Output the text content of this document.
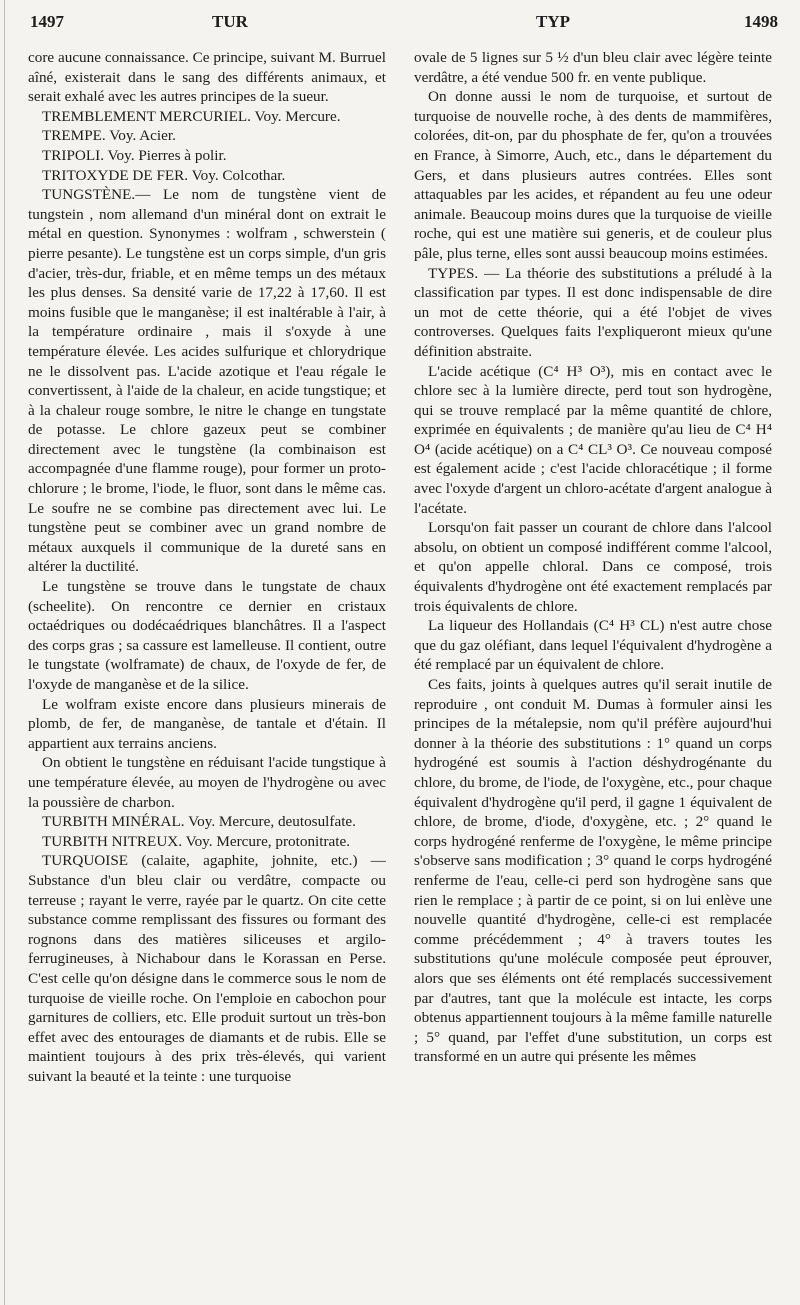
1497	TUR	TYP	1498

core aucune connaissance. Ce principe, suivant M. Burruel aîné, existerait dans le sang des différents animaux, et serait exhalé avec les autres principes de la sueur.

TREMBLEMENT MERCURIEL. Voy. Mercure.

TREMPE. Voy. Acier.

TRIPOLI. Voy. Pierres à polir.

TRITOXYDE DE FER. Voy. Colcothar.

TUNGSTÈNE.— Le nom de tungstène vient de tungstein , nom allemand d'un minéral dont on extrait le métal en question. Synonymes : wolfram , schwerstein ( pierre pesante). Le tungstène est un corps simple, d'un gris d'acier, très-dur, friable, et en même temps un des métaux les plus denses. Sa densité varie de 17,22 à 17,60. Il est moins fusible que le manganèse; il est inaltérable à l'air, à la température ordinaire , mais il s'oxyde à une température élevée. Les acides sulfurique et chlorydrique ne le dissolvent pas. L'acide azotique et l'eau régale le convertissent, à l'aide de la chaleur, en acide tungstique; et à la chaleur rouge sombre, le nitre le change en tungstate de potasse. Le chlore gazeux peut se combiner directement avec le tungstène (la combinaison est accompagnée d'une flamme rouge), pour former un proto-chlorure ; le brome, l'iode, le fluor, sont dans le même cas. Le soufre ne se combine pas directement avec lui. Le tungstène peut se combiner avec un grand nombre de métaux auxquels il communique de la dureté sans en altérer la ductilité.

Le tungstène se trouve dans le tungstate de chaux (scheelite). On rencontre ce dernier en cristaux octaédriques ou dodécaédriques blanchâtres. Il a l'aspect des corps gras ; sa cassure est lamelleuse. Il contient, outre le tungstate (wolframate) de chaux, de l'oxyde de fer, de l'oxyde de manganèse et de la silice.

Le wolfram existe encore dans plusieurs minerais de plomb, de fer, de manganèse, de tantale et d'étain. Il appartient aux terrains anciens.

On obtient le tungstène en réduisant l'acide tungstique à une température élevée, au moyen de l'hydrogène ou avec la poussière de charbon.

TURBITH MINÉRAL. Voy. Mercure, deutosulfate.

TURBITH NITREUX. Voy. Mercure, protonitrate.

TURQUOISE (calaite, agaphite, johnite, etc.) — Substance d'un bleu clair ou verdâtre, compacte ou terreuse ; rayant le verre, rayée par le quartz. On cite cette substance comme remplissant des fissures ou formant des rognons dans des matières siliceuses et argilo-ferrugineuses, à Nichabour dans le Korassan en Perse. C'est celle qu'on désigne dans le commerce sous le nom de turquoise de vieille roche. On l'emploie en cabochon pour garnitures de colliers, etc. Elle produit surtout un très-bon effet avec des entourages de diamants et de rubis. Elle se maintient toujours à des prix très-élevés, qui varient suivant la beauté et la teinte : une turquoise

ovale de 5 lignes sur 5 ½ d'un bleu clair avec légère teinte verdâtre, a été vendue 500 fr. en vente publique.

On donne aussi le nom de turquoise, et surtout de turquoise de nouvelle roche, à des dents de mammifères, colorées, dit-on, par du phosphate de fer, qu'on a trouvées en France, à Simorre, Auch, etc., dans le département du Gers, et dans plusieurs autres contrées. Elles sont attaquables par les acides, et répandent au feu une odeur animale. Beaucoup moins dures que la turquoise de vieille roche, qui est une matière sui generis, et de couleur plus pâle, plus terne, elles sont aussi beaucoup moins estimées.

TYPES. — La théorie des substitutions a préludé à la classification par types. Il est donc indispensable de dire un mot de cette théorie, qui a été l'objet de vives controverses. Quelques faits l'expliqueront mieux qu'une définition abstraite.

L'acide acétique (C⁴ H³ O³), mis en contact avec le chlore sec à la lumière directe, perd tout son hydrogène, qui se trouve remplacé par la même quantité de chlore, exprimée en équivalents ; de manière qu'au lieu de C⁴ H⁴ O⁴ (acide acétique) on a C⁴ CL³ O³. Ce nouveau composé est également acide ; c'est l'acide chloracétique ; il forme avec l'oxyde d'argent un chloro-acétate d'argent analogue à l'acétate.

Lorsqu'on fait passer un courant de chlore dans l'alcool absolu, on obtient un composé indifférent comme l'alcool, et qu'on appelle chloral. Dans ce composé, trois équivalents d'hydrogène ont été exactement remplacés par trois équivalents de chlore.

La liqueur des Hollandais (C⁴ H³ CL) n'est autre chose que du gaz oléfiant, dans lequel l'équivalent d'hydrogène a été remplacé par un équivalent de chlore.

Ces faits, joints à quelques autres qu'il serait inutile de reproduire , ont conduit M. Dumas à formuler ainsi les principes de la métalepsie, nom qu'il préfère aujourd'hui donner à la théorie des substitutions : 1° quand un corps hydrogéné est soumis à l'action déshydrogénante du chlore, du brome, de l'iode, de l'oxygène, etc., pour chaque équivalent d'hydrogène qu'il perd, il gagne 1 équivalent de chlore, de brome, d'iode, d'oxygène, etc. ; 2° quand le corps hydrogéné renferme de l'oxygène, le même principe s'observe sans modification ; 3° quand le corps hydrogéné renferme de l'eau, celle-ci perd son hydrogène sans que rien le remplace ; à partir de ce point, si on lui enlève une nouvelle quantité d'hydrogène, celle-ci est remplacée comme précédemment ; 4° à travers toutes les substitutions qu'une molécule composée peut éprouver, alors que ses éléments ont été remplacés successivement par d'autres, tant que la molécule est intacte, les corps obtenus appartiennent toujours à la même famille naturelle ; 5° quand, par l'effet d'une substitution, un corps est transformé en un autre qui présente les mêmes
